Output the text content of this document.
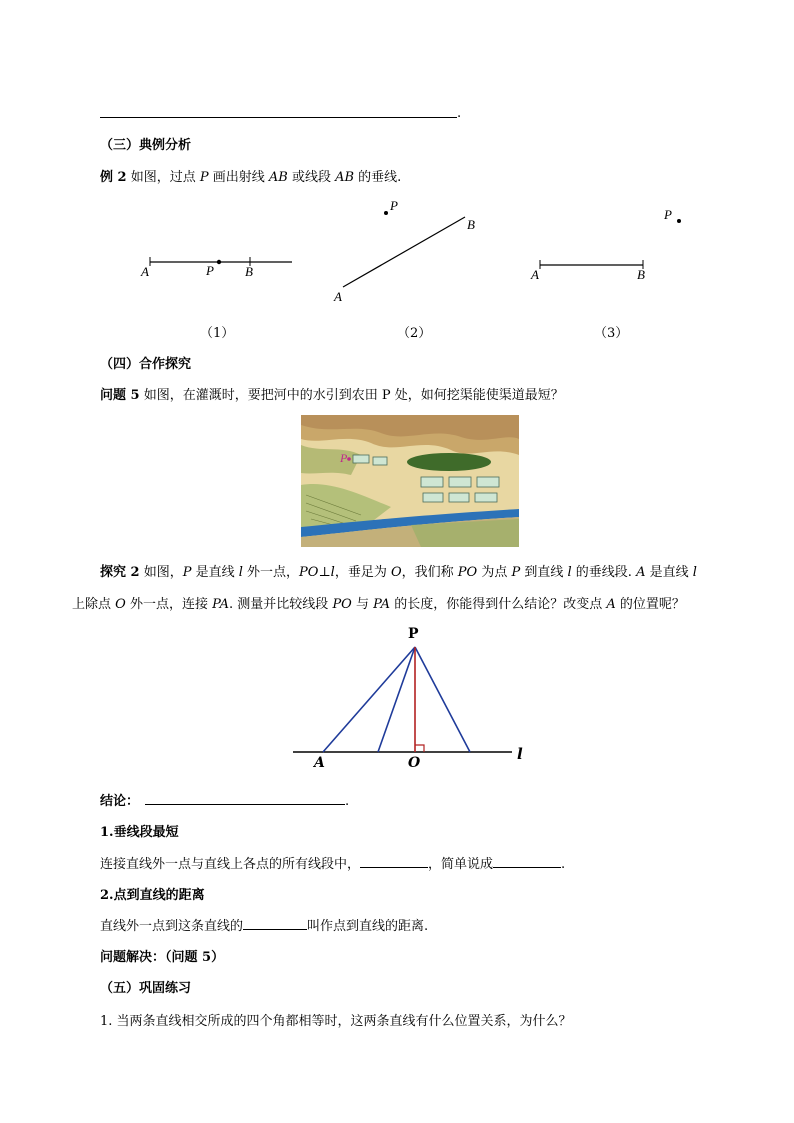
.
（三）典例分析
例 2 如图，过点 P 画出射线 AB 或线段 AB 的垂线.
A	P B
（1）
P
B
A
（2）
P
A	B
（3）
（四）合作探究
问题 5 如图，在灌溉时，要把河中的水引到农田 P 处，如何挖渠能使渠道最短？
P
探究 2 如图，P 是直线 l 外一点，PO⊥l，垂足为 O，我们称 PO 为点 P 到直线 l 的垂线段. A 是直线 l
上除点 O 外一点，连接 PA. 测量并比较线段 PO 与 PA 的长度，你能得到什么结论？改变点 A 的位置呢？
P
A	O	l
结论：	.
1.垂线段最短
连接直线外一点与直线上各点的所有线段中，	，简单说成	.
2.点到直线的距离
直线外一点到这条直线的	叫作点到直线的距离.
问题解决：（问题 5）
（五）巩固练习
1. 当两条直线相交所成的四个角都相等时，这两条直线有什么位置关系，为什么？
